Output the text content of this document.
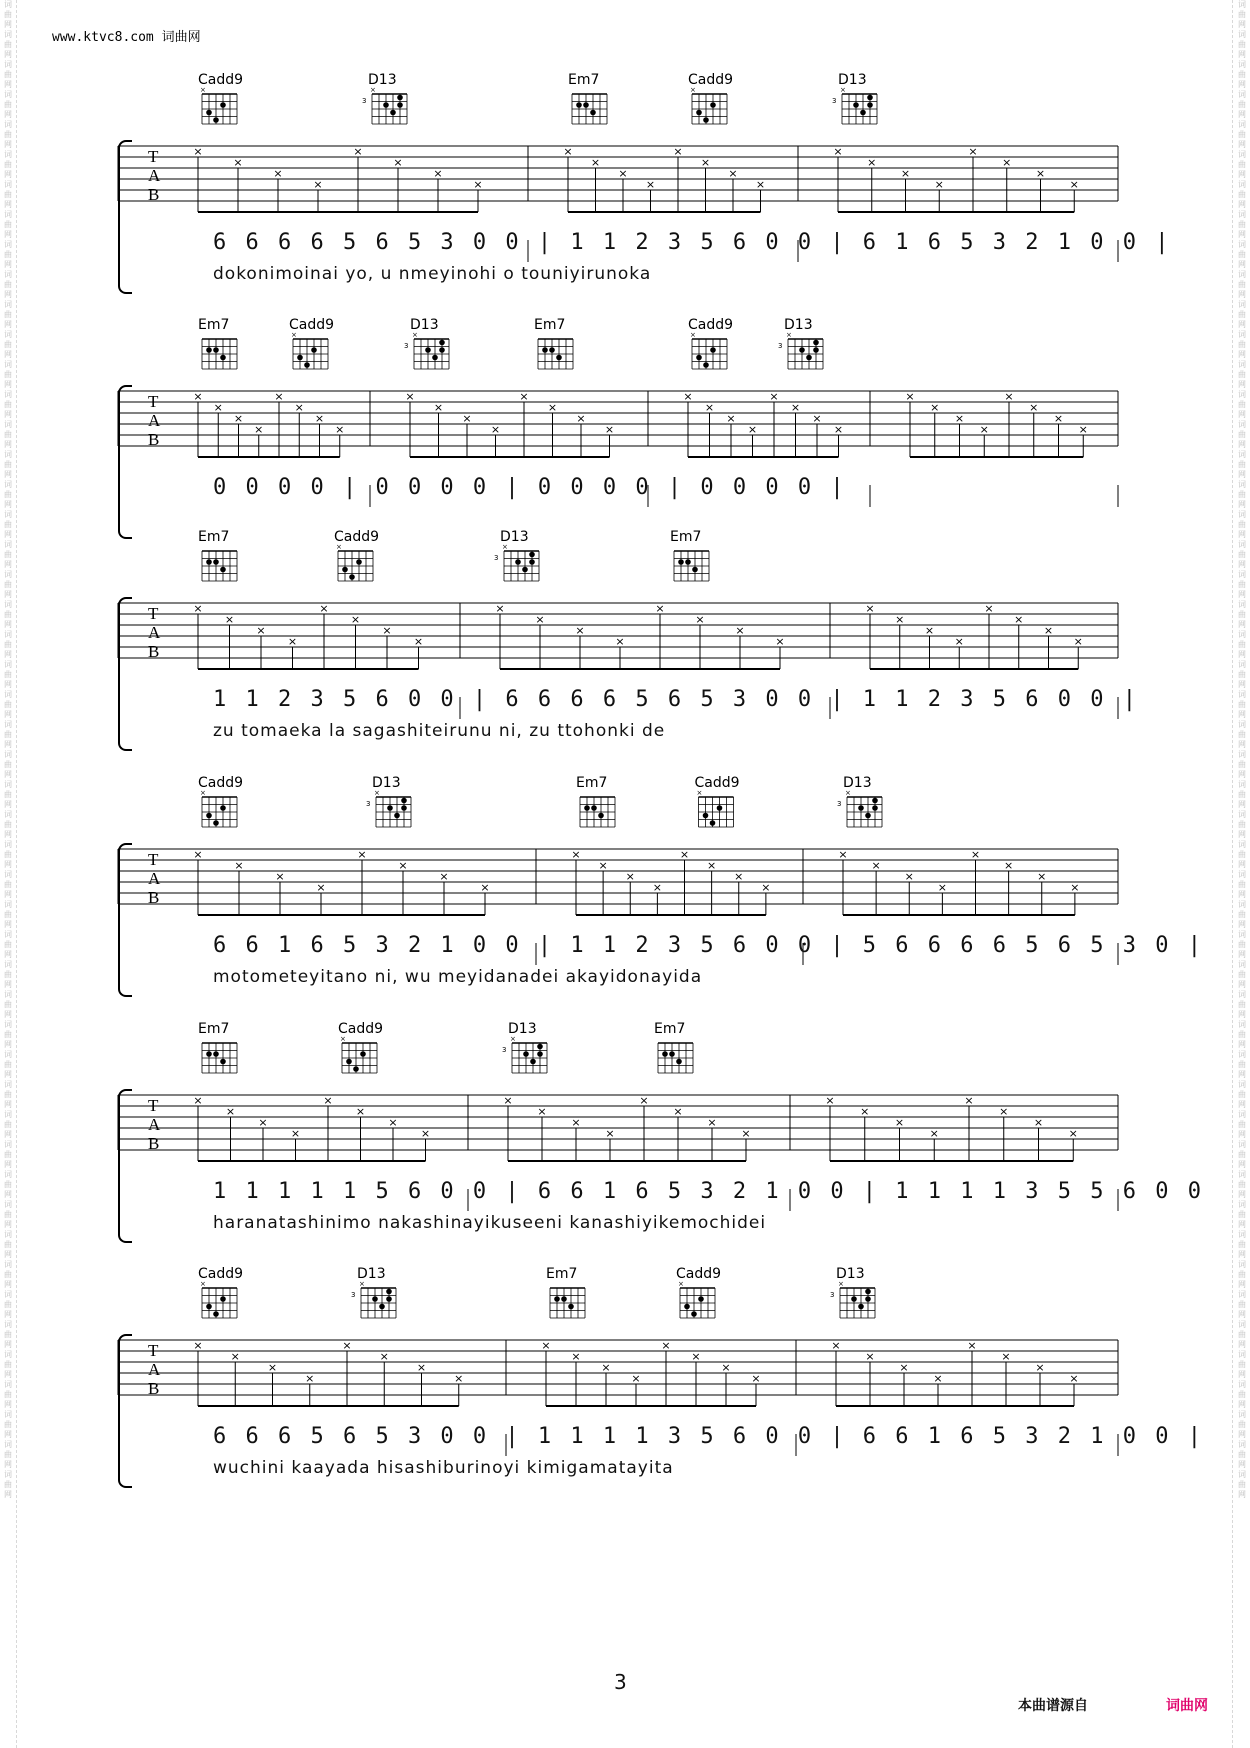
词曲网词曲网词曲网词曲网词曲网词曲网词曲网词曲网词曲网词曲网词曲网词曲网词曲网词曲网词曲网词曲网词曲网词曲网词曲网词曲网词曲网词曲网词曲网词曲网词曲网词曲网词曲网词曲网词曲网词曲网词曲网词曲网词曲网词曲网词曲网词曲网词曲网词曲网词曲网词曲网词曲网词曲网词曲网词曲网词曲网词曲网词曲网词曲网词曲网词曲网
词曲网词曲网词曲网词曲网词曲网词曲网词曲网词曲网词曲网词曲网词曲网词曲网词曲网词曲网词曲网词曲网词曲网词曲网词曲网词曲网词曲网词曲网词曲网词曲网词曲网词曲网词曲网词曲网词曲网词曲网词曲网词曲网词曲网词曲网词曲网词曲网词曲网词曲网词曲网词曲网词曲网词曲网词曲网词曲网词曲网词曲网词曲网词曲网词曲网词曲网
www.ktvc8.com 词曲网
T
A
B
Cadd9
×
D13
×
3
×
×
×
×
×
×
×
×
Em7	Cadd9
×
×
×
×
×
×
×
×
×
D13
×
3
×
×
×
×
×
×
×
×
6 6 6 6 5 6 5 3 0 0 | 1 1 2 3 5 6 0 0 | 6 1 6 5 3 2 1 0 0 |
dokonimoinai yo, u nmeyinohi o touniyirunoka
T
A
B
Em7	Cadd9
×
×
×
×
×
×
×
×
×
D13
×
3
Em7
×
×
×
×
×
×
×
×
Cadd9
×
D13
×
3
×
×
×
×
×
×
×
×
×
×
×
×
×
×
×
×
0 0 0 0 | 0 0 0 0 | 0 0 0 0 | 0 0 0 0 |
T
A
B
Em7	Cadd9
×
×
×
×
×
×
×
×
×
D13
×
3
Em7
×
×
×
×
×
×
×
×
×
×
×
×
×
×
×
×
1 1 2 3 5 6 0 0 | 6 6 6 6 5 6 5 3 0 0 | 1 1 2 3 5 6 0 0 |
zu tomaeka la sagashiteirunu ni, zu ttohonki de
T
A
B
Cadd9
×
D13
×
3
×
×
×
×
×
×
×
×
Em7	Cadd9
×
×
×
×
×
×
×
×
×
D13
×
3
×
×
×
×
×
×
×
×
6 6 1 6 5 3 2 1 0 0 | 1 1 2 3 5 6 0 0 | 5 6 6 6 6 5 6 5 3 0 |
motometeyitano ni, wu meyidanadei akayidonayida
T
A
B
Em7	Cadd9
×
×
×
×
×
×
×
×
×
D13
×
3
Em7
×
×
×
×
×
×
×
×
×
×
×
×
×
×
×
×
1 1 1 1 1 5 6 0 0 | 6 6 1 6 5 3 2 1 0 0 | 1 1 1 1 3 5 5 6 0 0
haranatashinimo nakashinayikuseeni kanashiyikemochidei
T
A
B
Cadd9
×
D13
×
3
×
×
×
×
×
×
×
×
Em7	Cadd9
×
×
×
×
×
×
×
×
×
D13
×
3
×
×
×
×
×
×
×
×
6 6 6 5 6 5 3 0 0 | 1 1 1 1 3 5 6 0 0 | 6 6 1 6 5 3 2 1 0 0 |
wuchini kaayada hisashiburinoyi kimigamatayita
3
本曲谱源自	词曲网
